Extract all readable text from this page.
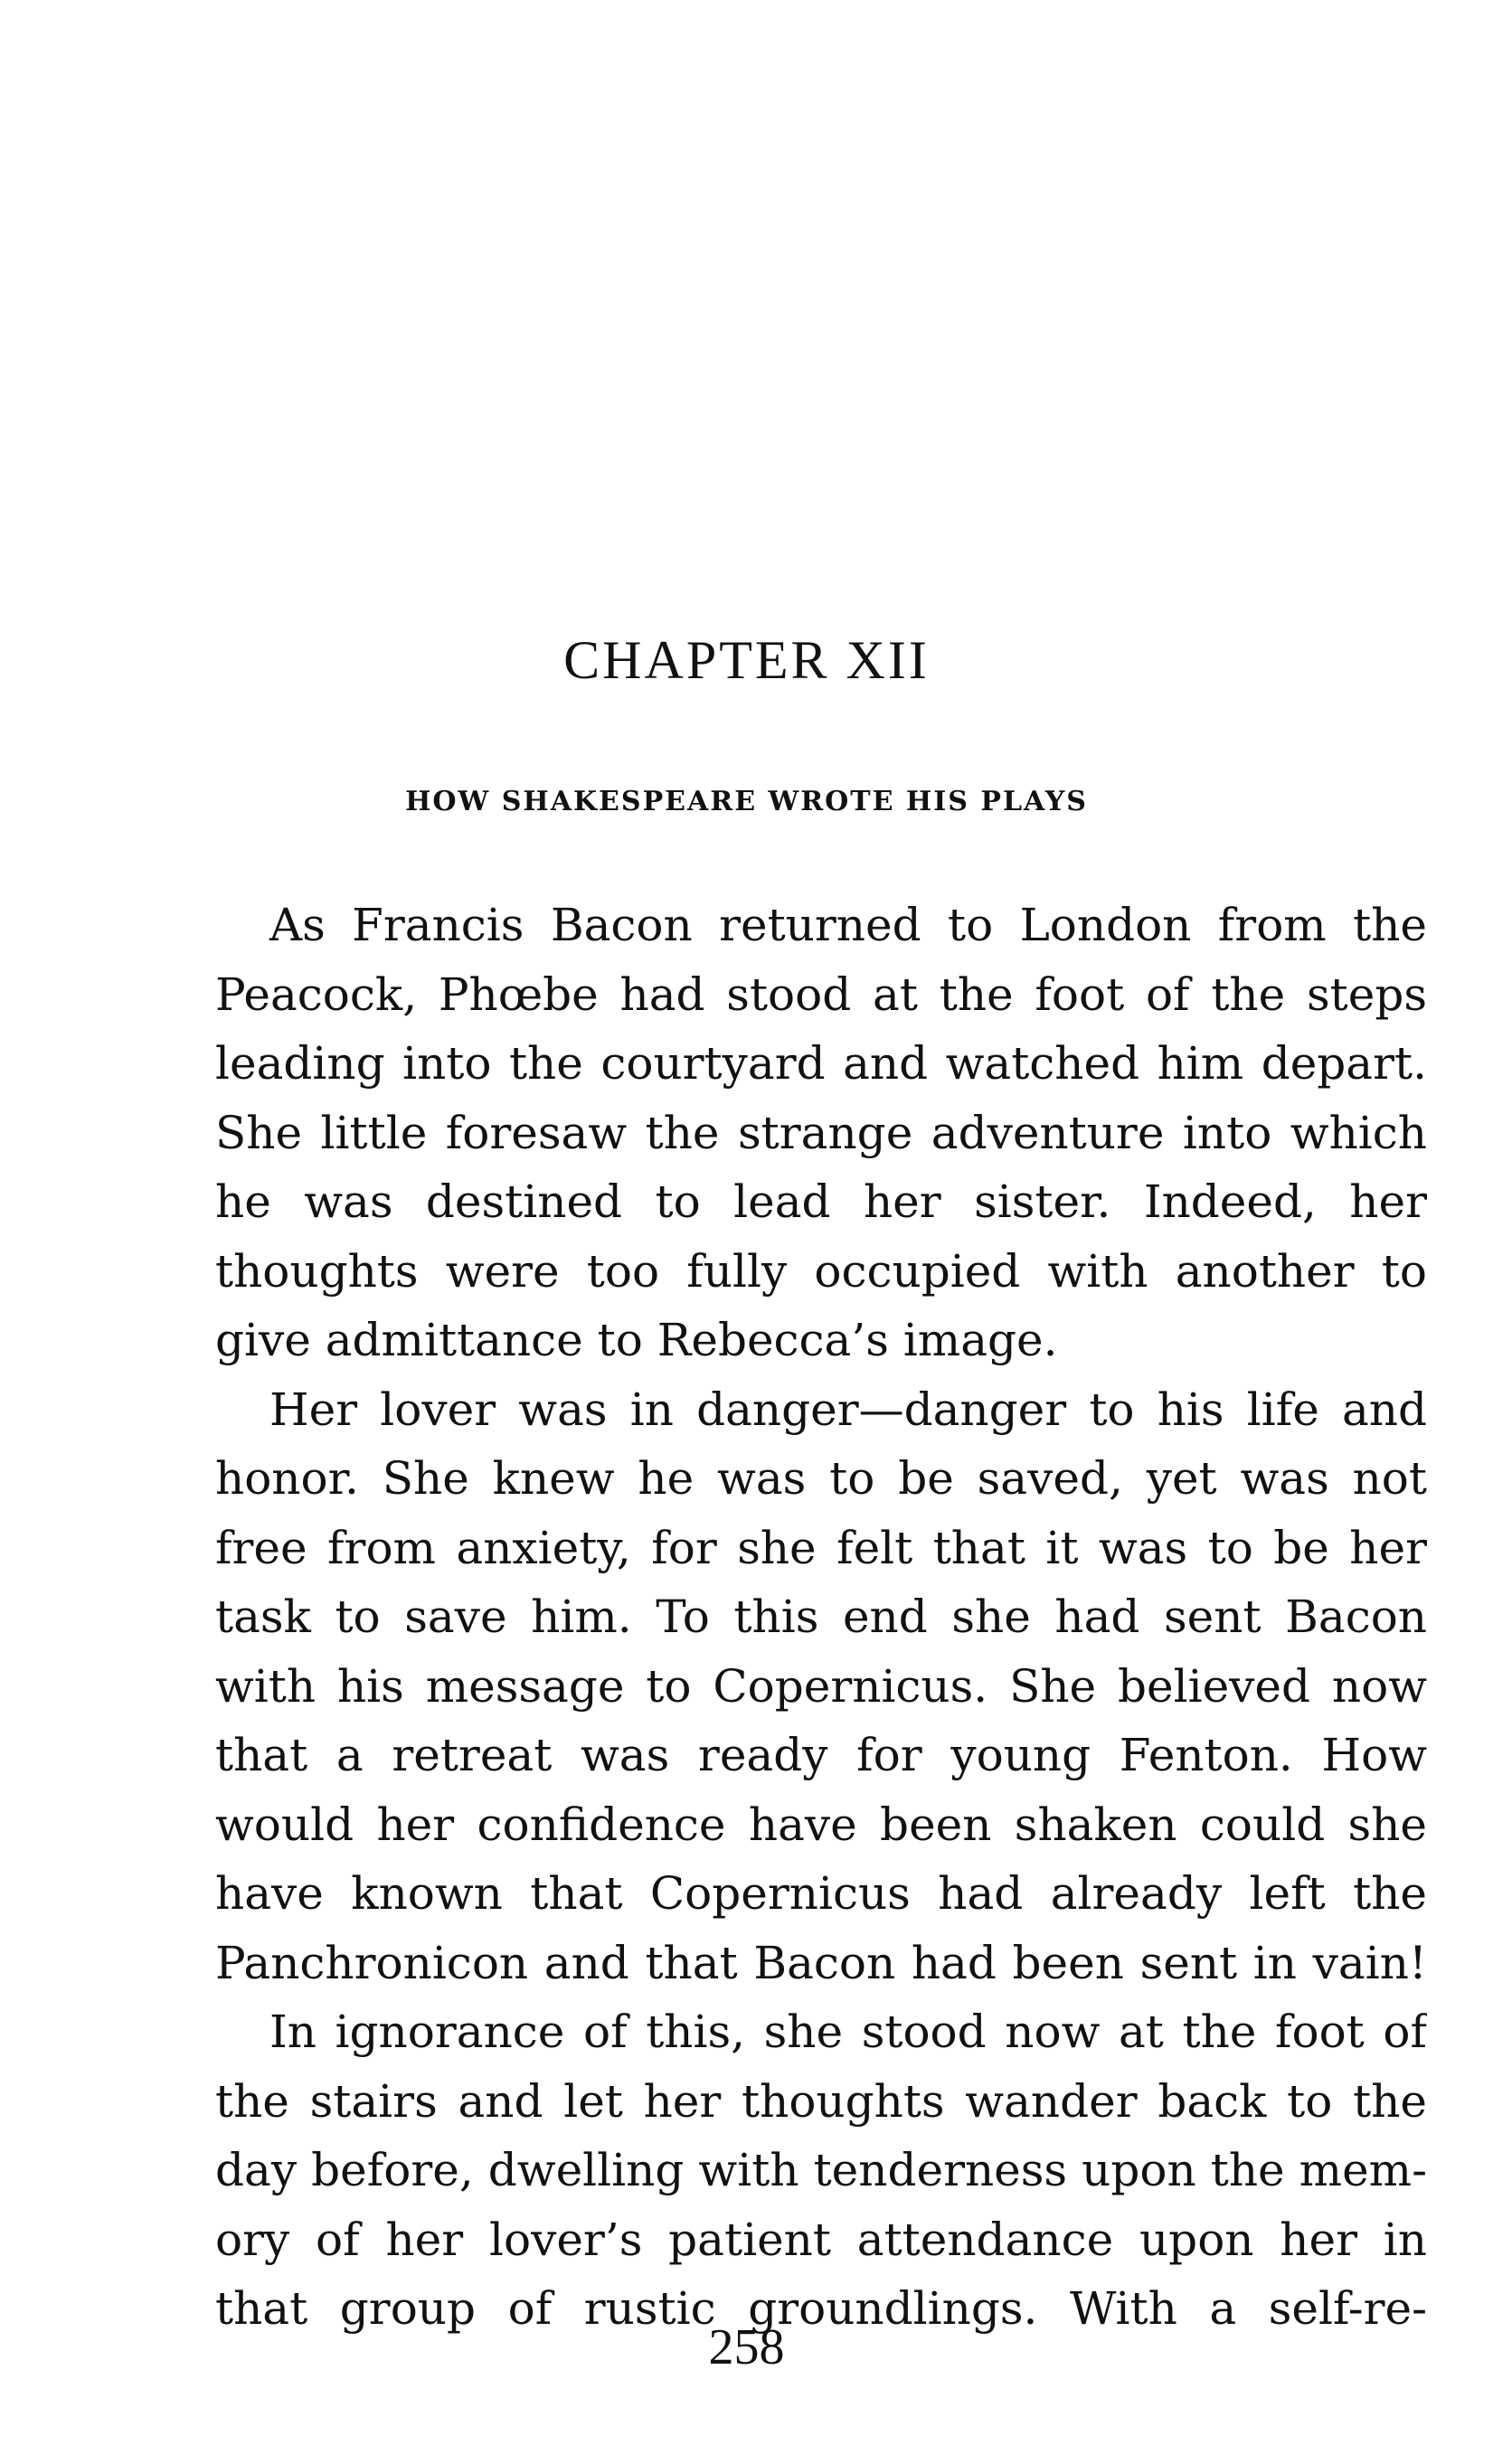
CHAPTER XII
HOW SHAKESPEARE WROTE HIS PLAYS
As Francis Bacon returned to London from the
Peacock, Phœbe had stood at the foot of the steps
leading into the courtyard and watched him depart.
She little foresaw the strange adventure into which
he was destined to lead her sister. Indeed, her
thoughts were too fully occupied with another to
give admittance to Rebecca’s image.
Her lover was in danger—danger to his life and
honor. She knew he was to be saved, yet was not
free from anxiety, for she felt that it was to be her
task to save him. To this end she had sent Bacon
with his message to Copernicus. She believed now
that a retreat was ready for young Fenton. How
would her confidence have been shaken could she
have known that Copernicus had already left the
Panchronicon and that Bacon had been sent in vain!
In ignorance of this, she stood now at the foot of
the stairs and let her thoughts wander back to the
day before, dwelling with tenderness upon the mem-
ory of her lover’s patient attendance upon her in
that group of rustic groundlings. With a self-re-
258
